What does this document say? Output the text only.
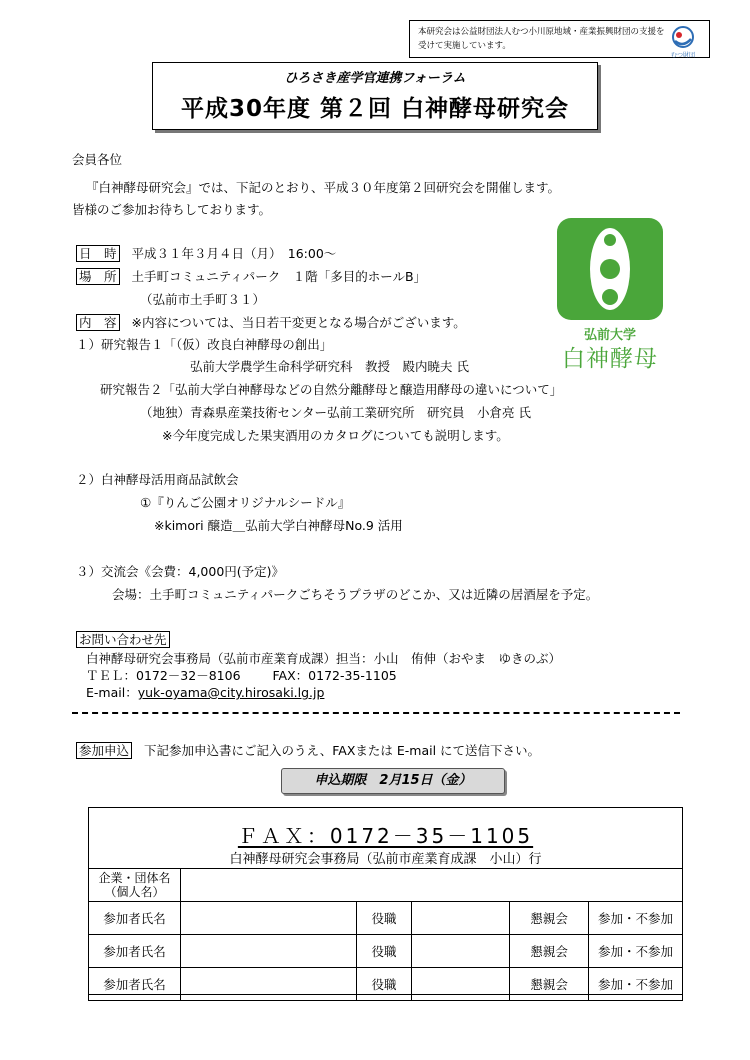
本研究会は公益財団法人むつ小川原地域・産業振興財団の支援を受けて実施しています。
むつ財団
ひろさき産学官連携フォーラム
平成30年度 第２回 白神酵母研究会
会員各位
『白神酵母研究会』では、下記のとおり、平成３０年度第２回研究会を開催します。
皆様のご参加お待ちしております。
日　時 平成３１年３月４日（月）　16:00～
場　所 土手町コミュニティパーク　１階「多目的ホールB」
（弘前市土手町３１）
内　容 ※内容については、当日若干変更となる場合がございます。
１）研究報告１「（仮）改良白神酵母の創出」
弘前大学農学生命科学研究科　教授　殿内暁夫 氏
研究報告２「弘前大学白神酵母などの自然分離酵母と醸造用酵母の違いについて」
（地独）青森県産業技術センター弘前工業研究所　研究員　小倉亮 氏
※今年度完成した果実酒用のカタログについても説明します。
２）白神酵母活用商品試飲会
①『りんご公園オリジナルシードル』
※kimori 醸造＿弘前大学白神酵母No.9 活用
３）交流会《会費：4,000円(予定)》
会場：土手町コミュニティパークごちそうプラザのどこか、又は近隣の居酒屋を予定。
弘前大学
白神酵母
お問い合わせ先
白神酵母研究会事務局（弘前市産業育成課）担当：小山　侑伸（おやま　ゆきのぶ）
ＴＥＬ：0172－32－8106	FAX：0172-35-1105
E-mail：yuk-oyama@city.hirosaki.lg.jp
参加申込 下記参加申込書にご記入のうえ、FAXまたは E-mail にて送信下さい。
申込期限　2月15日（金）
ＦＡＸ：0172－35－1105
白神酵母研究会事務局（弘前市産業育成課　小山）行
企業・団体名（個人名）					
参加者氏名		役職		懇親会	参加・不参加
参加者氏名		役職		懇親会	参加・不参加
参加者氏名		役職		懇親会	参加・不参加
